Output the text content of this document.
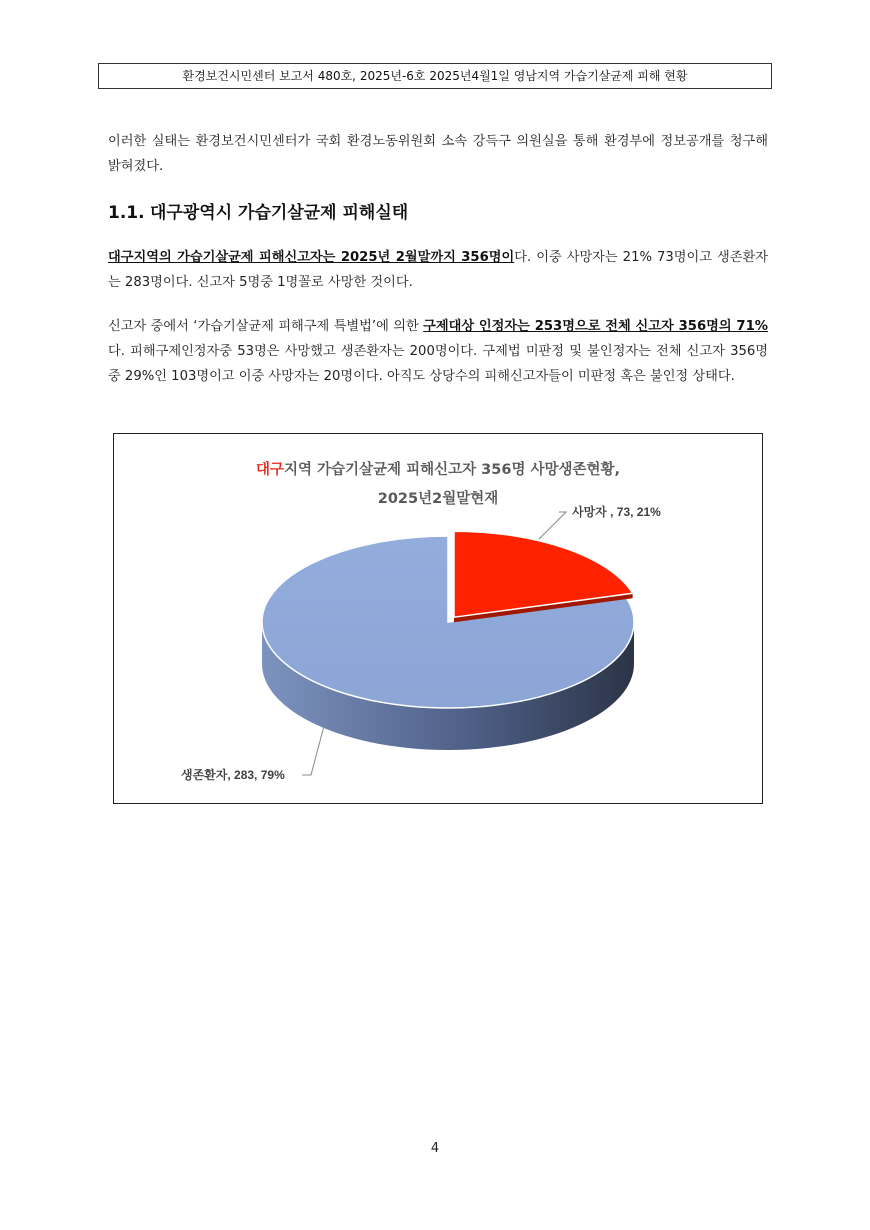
환경보건시민센터 보고서 480호, 2025년-6호 2025년4월1일 영남지역 가습기살균제 피해 현황
이러한 실태는 환경보건시민센터가 국회 환경노동위원회 소속 강득구 의원실을 통해 환경부에 정보공개를 청구해 밝혀졌다.
1.1. 대구광역시 가습기살균제 피해실태
대구지역의 가습기살균제 피해신고자는 2025년 2월말까지 356명이다. 이중 사망자는 21% 73명이고 생존환자는 283명이다. 신고자 5명중 1명꼴로 사망한 것이다.
신고자 중에서 ‘가습기살균제 피해구제 특별법’에 의한 구제대상 인정자는 253명으로 전체 신고자 356명의 71%다. 피해구제인정자중 53명은 사망했고 생존환자는 200명이다. 구제법 미판정 및 불인정자는 전체 신고자 356명중 29%인 103명이고 이중 사망자는 20명이다. 아직도 상당수의 피해신고자들이 미판정 혹은 불인정 상태다.
대구지역 가습기살균제 피해신고자 356명 사망생존현황,
2025년2월말현재
사망자 , 73, 21%
생존환자, 283, 79%
4
